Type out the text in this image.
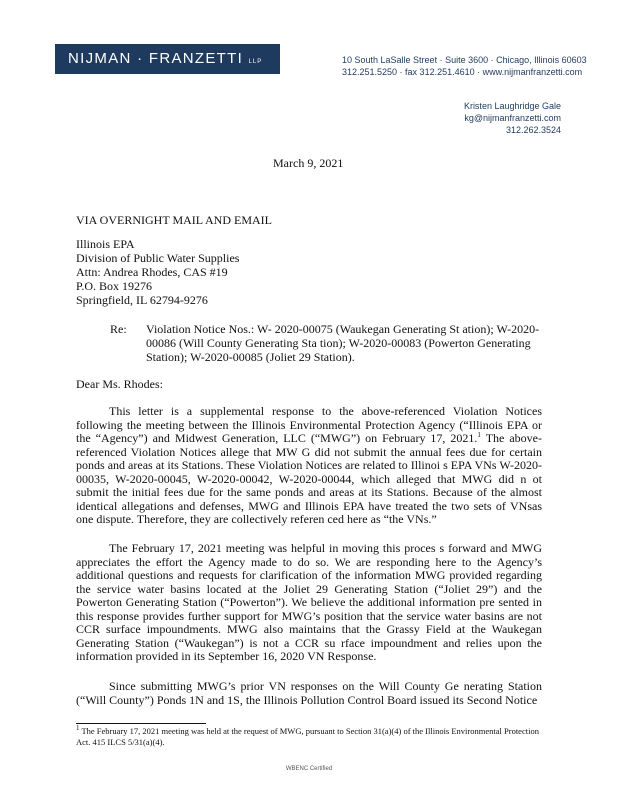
NIJMAN · FRANZETTI LLP	10 South LaSalle Street · Suite 3600 · Chicago, Illinois 60603
312.251.5250 · fax 312.251.4610 · www.nijmanfranzetti.com
Kristen Laughridge Gale
kg@nijmanfranzetti.com
312.262.3524
March 9, 2021
VIA OVERNIGHT MAIL AND EMAIL
Illinois EPA
Division of Public Water Supplies
Attn: Andrea Rhodes, CAS #19
P.O. Box 19276
Springfield, IL 62794-9276
Re: Violation Notice Nos.: W- 2020-00075 (Waukegan Generating St ation); W-2020-00086 (Will County Generating Sta tion); W-2020-00083 (Powerton Generating Station); W-2020-00085 (Joliet 29 Station).
Dear Ms. Rhodes:

This letter is a supplemental response to the above-referenced Violation Notices following the meeting between the Illinois Environmental Protection Agency (“Illinois EPA or the “Agency”) and Midwest Generation, LLC (“MWG”) on February 17, 2021.$^1$ The above-referenced Violation Notices allege that MW G did not submit the annual fees due for certain ponds and areas at its Stations. These Violation Notices are related to Illinoi s EPA VNs W-2020-00035, W-2020-00045, W-2020-00042, W-2020-00044, which alleged that MWG did n ot submit the initial fees due for the same ponds and areas at its Stations. Because of the almost identical allegations and defenses, MWG and Illinois EPA have treated the two sets of VNsas one dispute. Therefore, they are collectively referen ced here as “the VNs.”

The February 17, 2021 meeting was helpful in moving this proces s forward and MWG appreciates the effort the Agency made to do so. We are responding here to the Agency’s additional questions and requests for clarification of the information MWG provided regarding the service water basins located at the Joliet 29 Generating Station (“Joliet 29”) and the Powerton Generating Station (“Powerton”). We believe the additional information pre sented in this response provides further support for MWG’s position that the service water basins are not CCR surface impoundments. MWG also maintains that the Grassy Field at the Waukegan Generating Station (“Waukegan”) is not a CCR su rface impoundment and relies upon the information provided in its September 16, 2020 VN Response.

Since submitting MWG’s prior VN responses on the Will County Ge nerating Station (“Will County”) Ponds 1N and 1S, the Illinois Pollution Control Board issued its Second Notice

$^1$ The February 17, 2021 meeting was held at the request of MWG, pursuant to Section 31(a)(4) of the Illinois Environmental Protection Act. 415 ILCS 5/31(a)(4).
WBENC Certified
